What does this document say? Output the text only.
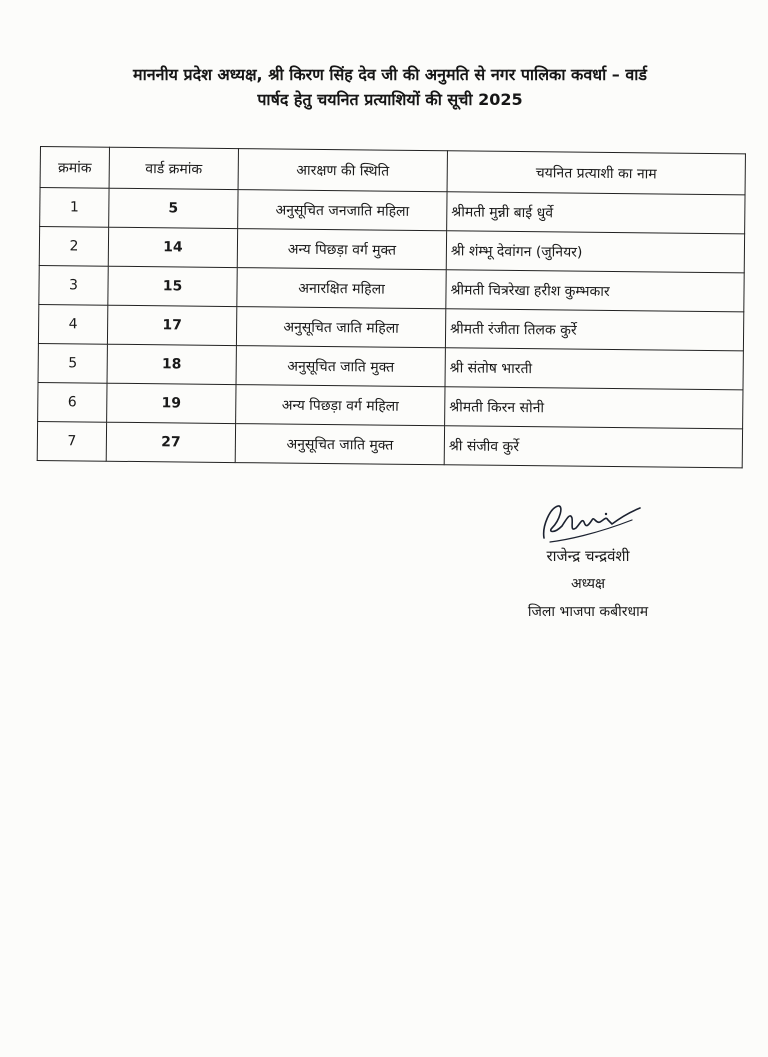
माननीय प्रदेश अध्यक्ष, श्री किरण सिंह देव जी की अनुमति से नगर पालिका कवर्धा – वार्ड
पार्षद हेतु चयनित प्रत्याशियों की सूची 2025
क्रमांक	वार्ड क्रमांक	आरक्षण की स्थिति	चयनित प्रत्याशी का नाम
1	5	अनुसूचित जनजाति महिला	श्रीमती मुन्नी बाई धुर्वे
2	14	अन्य पिछड़ा वर्ग मुक्त	श्री शंम्भू देवांगन (जुनियर)
3	15	अनारक्षित महिला	श्रीमती चित्ररेखा हरीश कुम्भकार
4	17	अनुसूचित जाति महिला	श्रीमती रंजीता तिलक कुर्रे
5	18	अनुसूचित जाति मुक्त	श्री संतोष भारती
6	19	अन्य पिछड़ा वर्ग महिला	श्रीमती किरन सोनी
7	27	अनुसूचित जाति मुक्त	श्री संजीव कुर्रे
राजेन्द्र चन्द्रवंशी
अध्यक्ष
जिला भाजपा कबीरधाम
